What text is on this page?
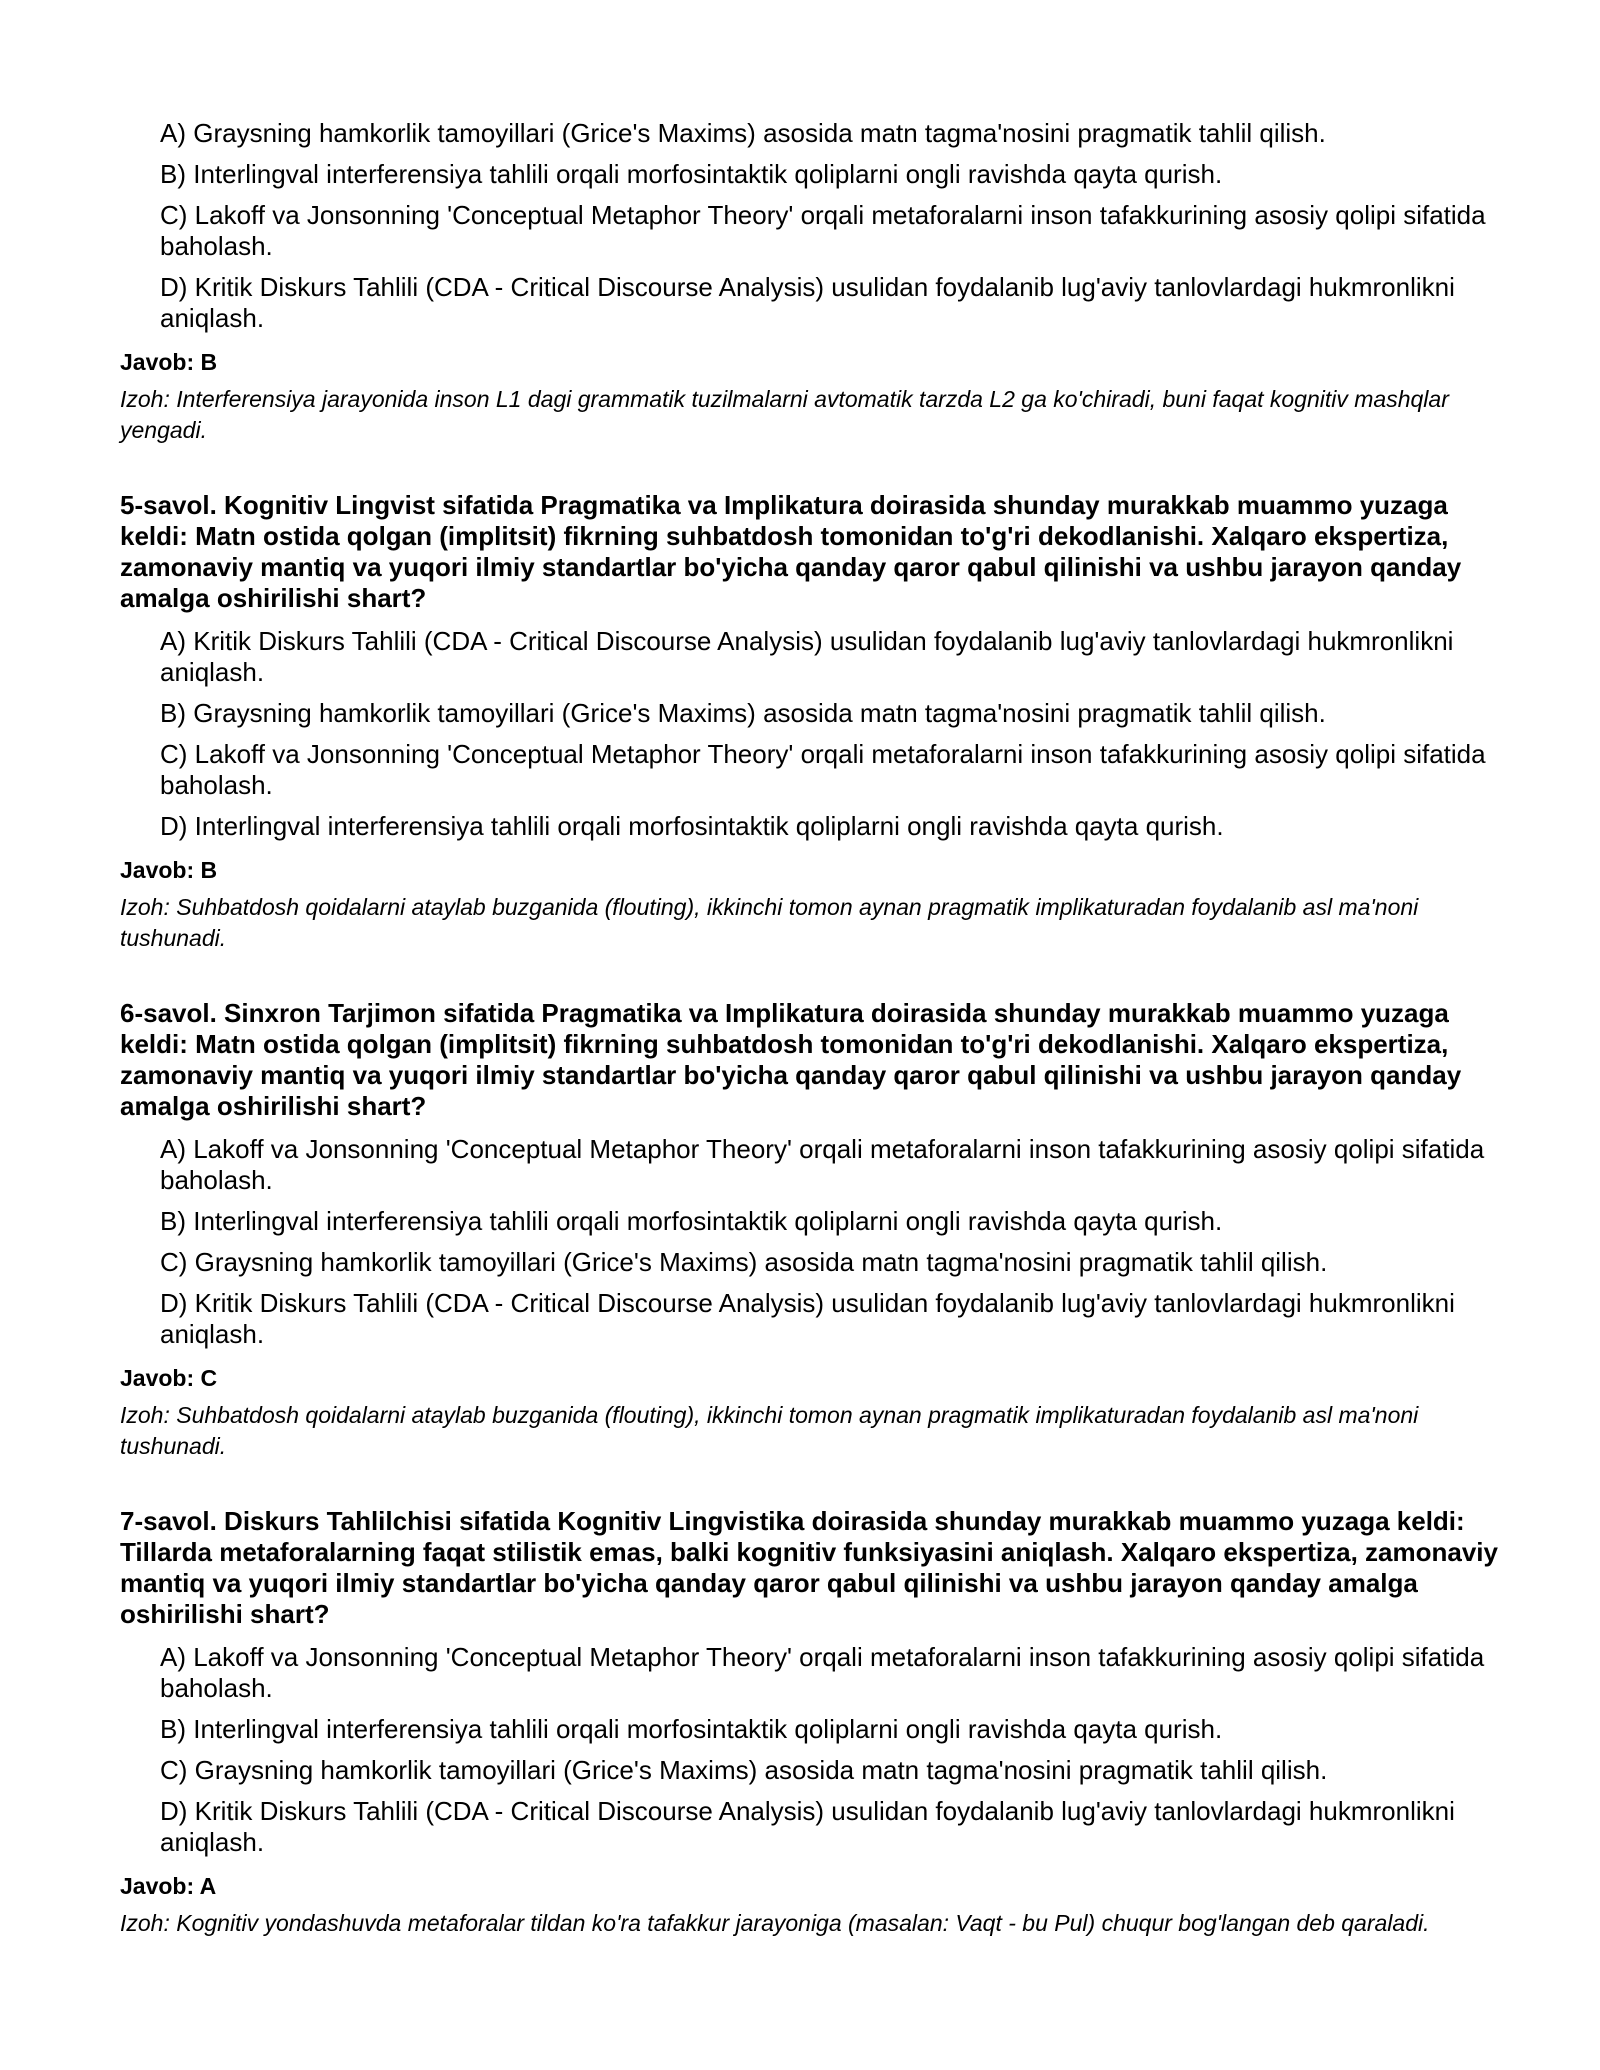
A) Graysning hamkorlik tamoyillari (Grice's Maxims) asosida matn tagma'nosini pragmatik tahlil qilish.
B) Interlingval interferensiya tahlili orqali morfosintaktik qoliplarni ongli ravishda qayta qurish.
C) Lakoff va Jonsonning 'Conceptual Metaphor Theory' orqali metaforalarni inson tafakkurining asosiy qolipi sifatida baholash.
D) Kritik Diskurs Tahlili (CDA - Critical Discourse Analysis) usulidan foydalanib lug'aviy tanlovlardagi hukmronlikni aniqlash.
Javob: B

Izoh: Interferensiya jarayonida inson L1 dagi grammatik tuzilmalarni avtomatik tarzda L2 ga ko'chiradi, buni faqat kognitiv mashqlar yengadi.

5-savol. Kognitiv Lingvist sifatida Pragmatika va Implikatura doirasida shunday murakkab muammo yuzaga keldi: Matn ostida qolgan (implitsit) fikrning suhbatdosh tomonidan to'g'ri dekodlanishi. Xalqaro ekspertiza, zamonaviy mantiq va yuqori ilmiy standartlar bo'yicha qanday qaror qabul qilinishi va ushbu jarayon qanday amalga oshirilishi shart?

A) Kritik Diskurs Tahlili (CDA - Critical Discourse Analysis) usulidan foydalanib lug'aviy tanlovlardagi hukmronlikni aniqlash.
B) Graysning hamkorlik tamoyillari (Grice's Maxims) asosida matn tagma'nosini pragmatik tahlil qilish.
C) Lakoff va Jonsonning 'Conceptual Metaphor Theory' orqali metaforalarni inson tafakkurining asosiy qolipi sifatida baholash.
D) Interlingval interferensiya tahlili orqali morfosintaktik qoliplarni ongli ravishda qayta qurish.
Javob: B

Izoh: Suhbatdosh qoidalarni ataylab buzganida (flouting), ikkinchi tomon aynan pragmatik implikaturadan foydalanib asl ma'noni tushunadi.

6-savol. Sinxron Tarjimon sifatida Pragmatika va Implikatura doirasida shunday murakkab muammo yuzaga keldi: Matn ostida qolgan (implitsit) fikrning suhbatdosh tomonidan to'g'ri dekodlanishi. Xalqaro ekspertiza, zamonaviy mantiq va yuqori ilmiy standartlar bo'yicha qanday qaror qabul qilinishi va ushbu jarayon qanday amalga oshirilishi shart?

A) Lakoff va Jonsonning 'Conceptual Metaphor Theory' orqali metaforalarni inson tafakkurining asosiy qolipi sifatida baholash.
B) Interlingval interferensiya tahlili orqali morfosintaktik qoliplarni ongli ravishda qayta qurish.
C) Graysning hamkorlik tamoyillari (Grice's Maxims) asosida matn tagma'nosini pragmatik tahlil qilish.
D) Kritik Diskurs Tahlili (CDA - Critical Discourse Analysis) usulidan foydalanib lug'aviy tanlovlardagi hukmronlikni aniqlash.
Javob: C

Izoh: Suhbatdosh qoidalarni ataylab buzganida (flouting), ikkinchi tomon aynan pragmatik implikaturadan foydalanib asl ma'noni tushunadi.

7-savol. Diskurs Tahlilchisi sifatida Kognitiv Lingvistika doirasida shunday murakkab muammo yuzaga keldi: Tillarda metaforalarning faqat stilistik emas, balki kognitiv funksiyasini aniqlash. Xalqaro ekspertiza, zamonaviy mantiq va yuqori ilmiy standartlar bo'yicha qanday qaror qabul qilinishi va ushbu jarayon qanday amalga oshirilishi shart?

A) Lakoff va Jonsonning 'Conceptual Metaphor Theory' orqali metaforalarni inson tafakkurining asosiy qolipi sifatida baholash.
B) Interlingval interferensiya tahlili orqali morfosintaktik qoliplarni ongli ravishda qayta qurish.
C) Graysning hamkorlik tamoyillari (Grice's Maxims) asosida matn tagma'nosini pragmatik tahlil qilish.
D) Kritik Diskurs Tahlili (CDA - Critical Discourse Analysis) usulidan foydalanib lug'aviy tanlovlardagi hukmronlikni aniqlash.
Javob: A

Izoh: Kognitiv yondashuvda metaforalar tildan ko'ra tafakkur jarayoniga (masalan: Vaqt - bu Pul) chuqur bog'langan deb qaraladi.
